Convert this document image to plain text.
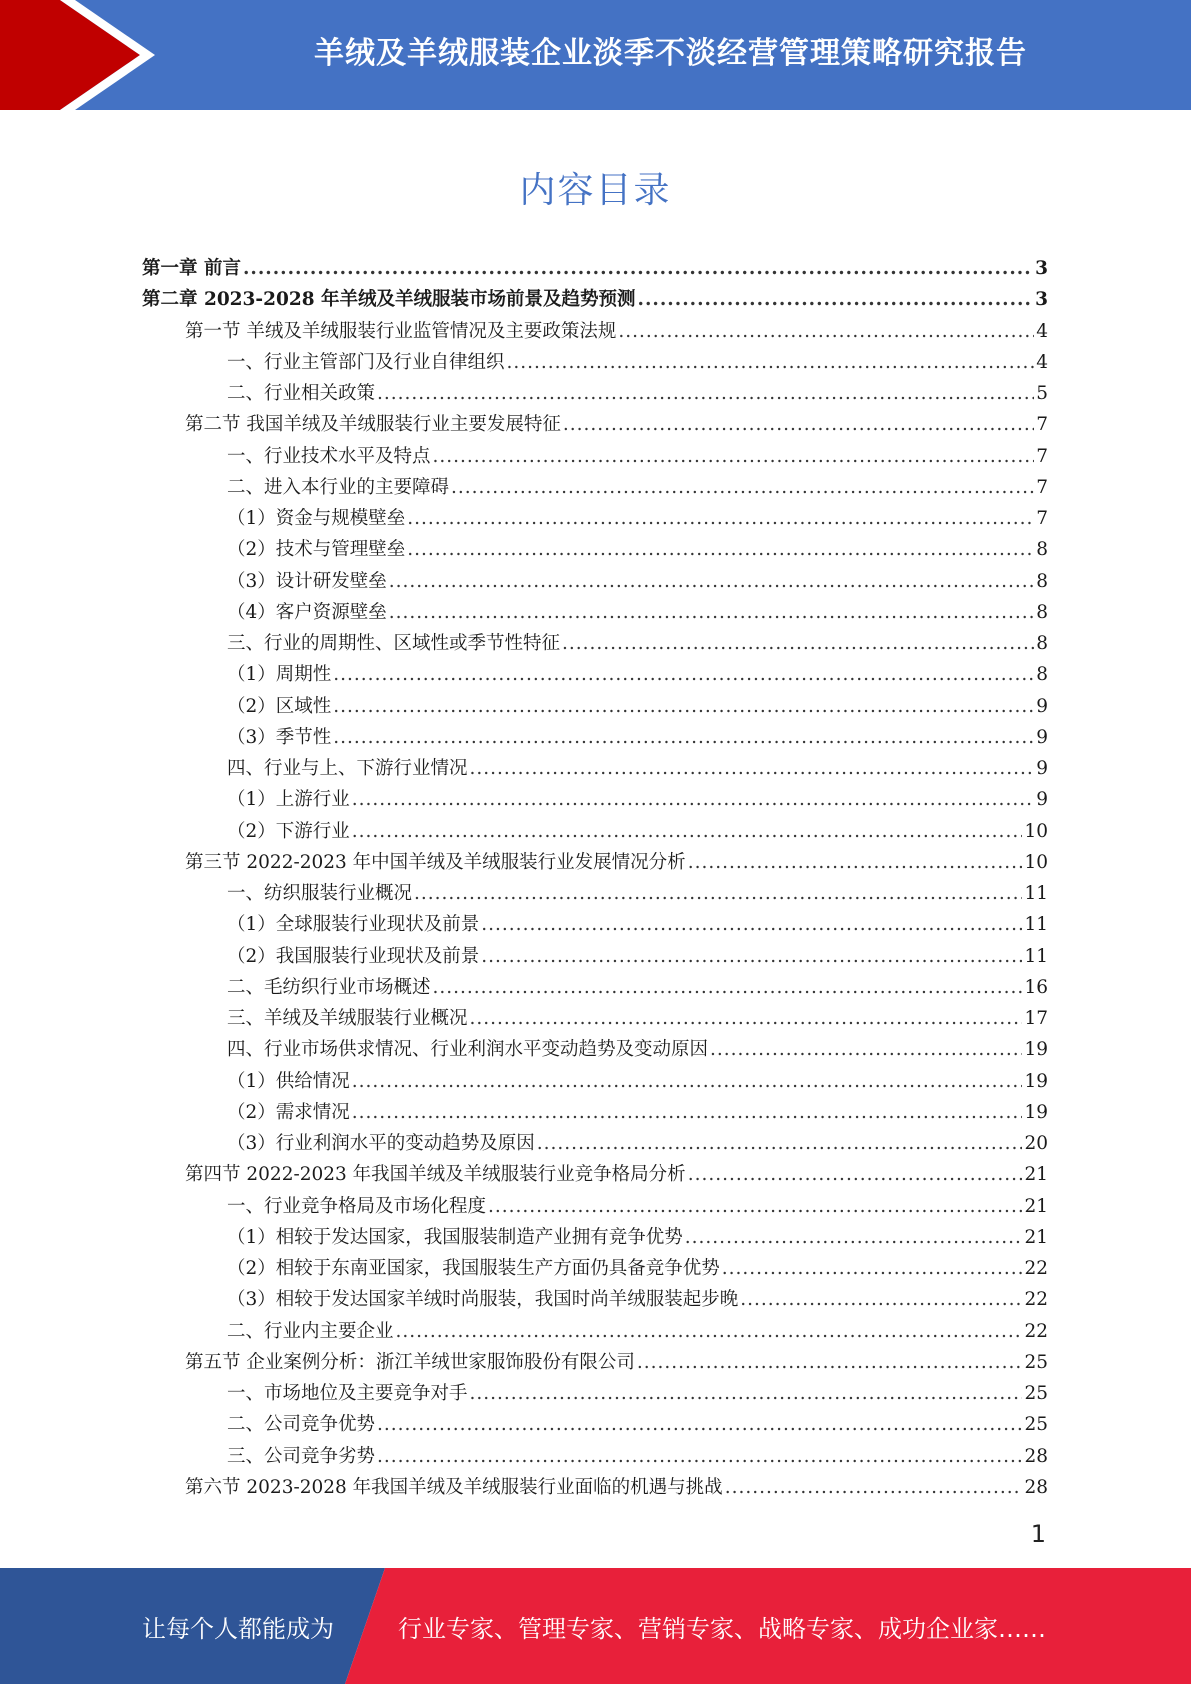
羊绒及羊绒服装企业淡季不淡经营管理策略研究报告
内容目录
第一章 前言 .....	3
第二章 2023-2028 年羊绒及羊绒服装市场前景及趋势预测 .....	3
第一节 羊绒及羊绒服装行业监管情况及主要政策法规 .....	4
一、行业主管部门及行业自律组织 .....	4
二、行业相关政策 .....	5
第二节 我国羊绒及羊绒服装行业主要发展特征 .....	7
一、行业技术水平及特点 .....	7
二、进入本行业的主要障碍 .....	7
（1）资金与规模壁垒 .....	7
（2）技术与管理壁垒 .....	8
（3）设计研发壁垒 .....	8
（4）客户资源壁垒 .....	8
三、行业的周期性、区域性或季节性特征 .....	8
（1）周期性 .....	8
（2）区域性 .....	9
（3）季节性 .....	9
四、行业与上、下游行业情况 .....	9
（1）上游行业 .....	9
（2）下游行业 .....	10
第三节 2022-2023 年中国羊绒及羊绒服装行业发展情况分析 .....	10
一、纺织服装行业概况 .....	11
（1）全球服装行业现状及前景 .....	11
（2）我国服装行业现状及前景 .....	11
二、毛纺织行业市场概述 .....	16
三、羊绒及羊绒服装行业概况 .....	17
四、行业市场供求情况、行业利润水平变动趋势及变动原因 .....	19
（1）供给情况 .....	19
（2）需求情况 .....	19
（3）行业利润水平的变动趋势及原因 .....	20
第四节 2022-2023 年我国羊绒及羊绒服装行业竞争格局分析 .....	21
一、行业竞争格局及市场化程度 .....	21
（1）相较于发达国家，我国服装制造产业拥有竞争优势 .....	21
（2）相较于东南亚国家，我国服装生产方面仍具备竞争优势 .....	22
（3）相较于发达国家羊绒时尚服装，我国时尚羊绒服装起步晚 .....	22
二、行业内主要企业 .....	22
第五节 企业案例分析：浙江羊绒世家服饰股份有限公司 .....	25
一、市场地位及主要竞争对手 .....	25
二、公司竞争优势 .....	25
三、公司竞争劣势 .....	28
第六节 2023-2028 年我国羊绒及羊绒服装行业面临的机遇与挑战 .....	28
1
让每个人都能成为	行业专家、管理专家、营销专家、战略专家、成功企业家……
